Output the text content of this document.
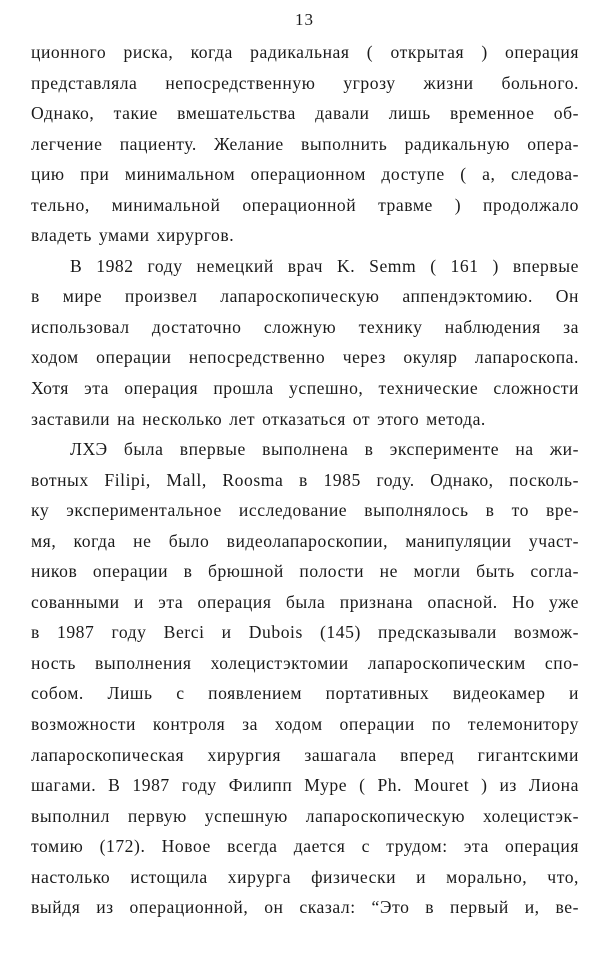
13
ционного риска, когда радикальная ( открытая ) операция
представляла непосредственную угрозу жизни больного.
Однако, такие вмешательства давали лишь временное об-
легчение пациенту. Желание выполнить радикальную опера-
цию при минимальном операционном доступе ( а, следова-
тельно, минимальной операционной травме ) продолжало
владеть умами хирургов.
В 1982 году немецкий врач K. Semm ( 161 ) впервые
в мире произвел лапароскопическую аппендэктомию. Он
использовал достаточно сложную технику наблюдения за
ходом операции непосредственно через окуляр лапароскопа.
Хотя эта операция прошла успешно, технические сложности
заставили на несколько лет отказаться от этого метода.
ЛХЭ была впервые выполнена в эксперименте на жи-
вотных Filipi, Mall, Roosma в 1985 году. Однако, посколь-
ку экспериментальное исследование выполнялось в то вре-
мя, когда не было видеолапароскопии, манипуляции участ-
ников операции в брюшной полости не могли быть согла-
сованными и эта операция была признана опасной. Но уже
в 1987 году Berci и Dubois (145) предсказывали возмож-
ность выполнения холецистэктомии лапароскопическим спо-
собом. Лишь с появлением портативных видеокамер и
возможности контроля за ходом операции по телемонитору
лапароскопическая хирургия зашагала вперед гигантскими
шагами. В 1987 году Филипп Муре ( Ph. Mouret ) из Лиона
выполнил первую успешную лапароскопическую холецистэк-
томию (172). Новое всегда дается с трудом: эта операция
настолько истощила хирурга физически и морально, что,
выйдя из операционной, он сказал: “Это в первый и, ве-
